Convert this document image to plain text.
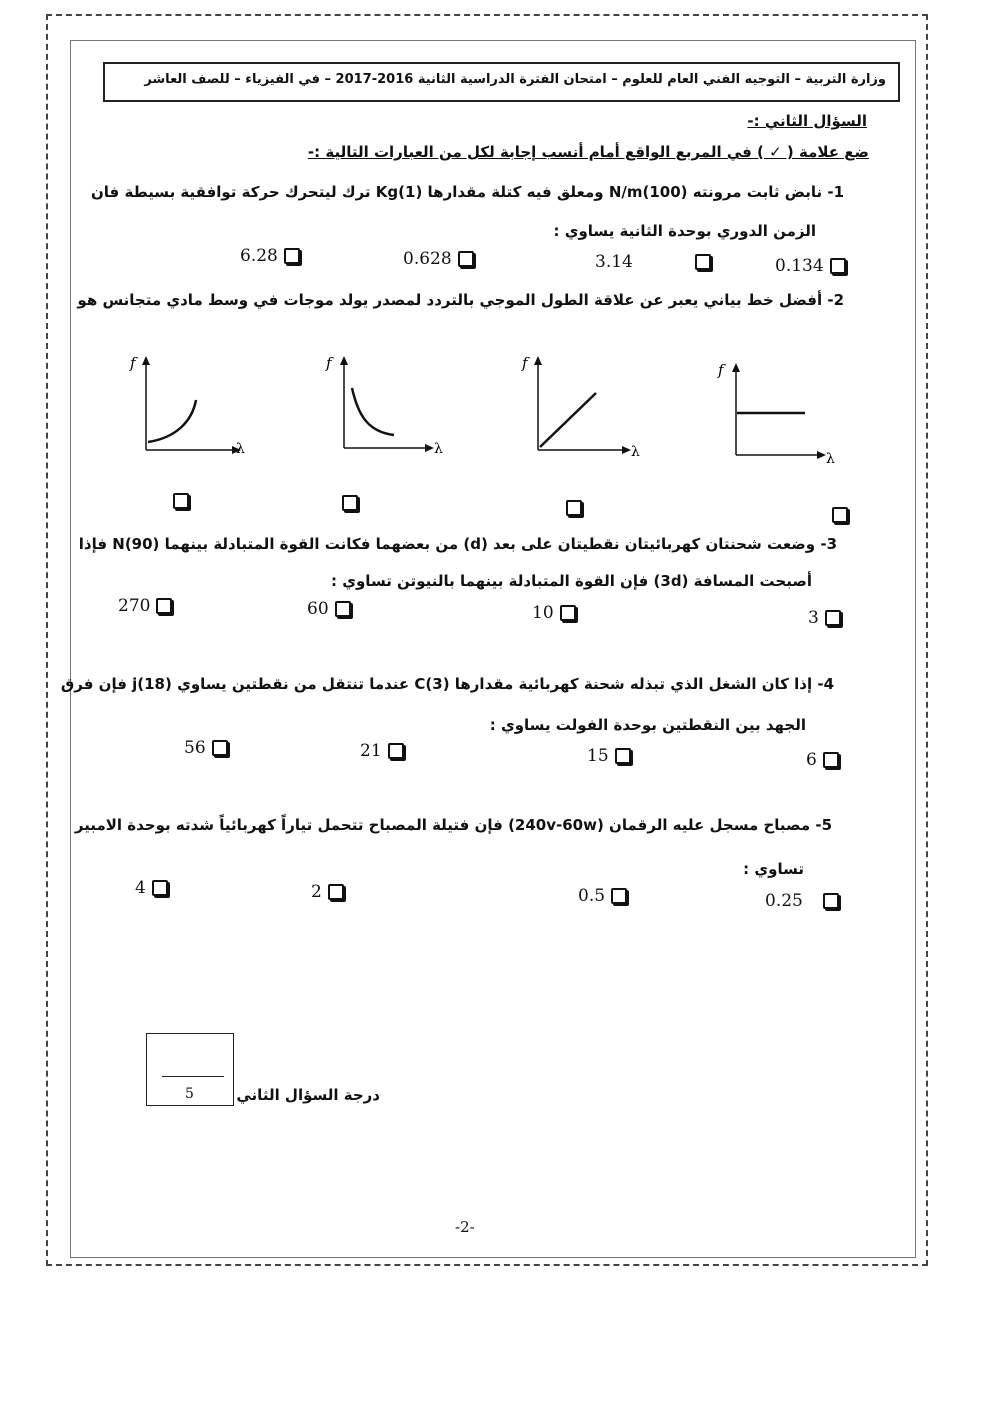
وزارة التربية – التوجيه الفني العام للعلوم – امتحان الفترة الدراسية الثانية 2016-2017 – في الفيزياء – للصف العاشر
السؤال الثاني :-
ضع علامة ( ✓ ) في المربع الواقع أمام أنسب إجابة لكل من العبارات التالية :-
1- نابض ثابت مرونته (100)N/m ومعلق فيه كتلة مقدارها (1)Kg ترك ليتحرك حركة توافقية بسيطة فان
الزمن الدوري بوحدة الثانية يساوي :
6.28	0.628	3.14	0.134
2- أفضل خط بياني يعبر عن علاقة الطول الموجي بالتردد لمصدر يولد موجات في وسط مادي متجانس هو
f
λ
f
λ
f
λ
f
λ
3- وضعت شحنتان كهربائيتان نقطيتان على بعد (d) من بعضهما فكانت القوة المتبادلة بينهما N(90) فإذا
أصبحت المسافة (3d) فإن القوة المتبادلة بينهما بالنيوتن تساوي :
270	60	10	3
4- إذا كان الشغل الذي تبذله شحنة كهربائية مقدارها C(3) عندما تنتقل من نقطتين يساوي j(18) فإن فرق
الجهد بين النقطتين بوحدة الفولت يساوي :
56	21	15	6
5- مصباح مسجل عليه الرقمان (240v-60w) فإن فتيلة المصباح تتحمل تياراً كهربائياً شدته بوحدة الامبير
تساوي :
4	2	0.5	0.25
5	درجة السؤال الثاني
-2-
